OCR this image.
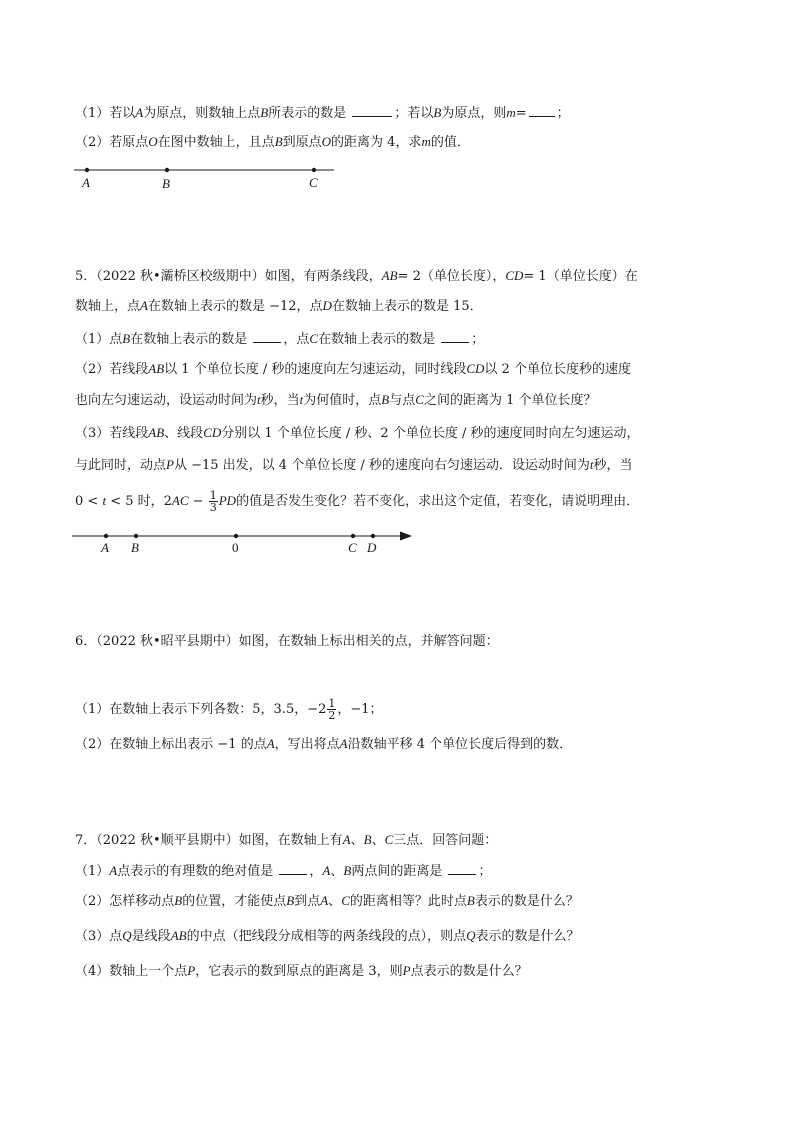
（1）若以A为原点，则数轴上点B所表示的数是	；若以B为原点，则m= ；
（2）若原点O在图中数轴上，且点B到原点O的距离为 4，求m的值．
A	B	C
5．（2022 秋•灞桥区校级期中）如图，有两条线段，AB= 2（单位长度），CD= 1（单位长度）在
数轴上，点A在数轴上表示的数是 −12，点D在数轴上表示的数是 15．
（1）点B在数轴上表示的数是	，点C在数轴上表示的数是	；
（2）若线段AB以 1 个单位长度 / 秒的速度向左匀速运动，同时线段CD以 2 个单位长度秒的速度
也向左匀速运动，设运动时间为t秒，当t为何值时，点B与点C之间的距离为 1 个单位长度？
（3）若线段AB、线段CD分别以 1 个单位长度 / 秒、2 个单位长度 / 秒的速度同时向左匀速运动，
与此同时，动点P从 −15 出发，以 4 个单位长度 / 秒的速度向右匀速运动．设运动时间为t秒，当
0 < t < 5 时，$2AC - \frac{1}{3}$ PD的值是否发生变化？若不变化，求出这个定值，若变化，请说明理由．
A B	0	C D
6．（2022 秋•昭平县期中）如图，在数轴上标出相关的点，并解答问题：
（1）在数轴上表示下列各数：5，3.5，$-2 \frac{1}{2}$ ，−1；
（2）在数轴上标出表示 −1 的点A，写出将点A沿数轴平移 4 个单位长度后得到的数．
7．（2022 秋•顺平县期中）如图，在数轴上有A、B、C三点．回答问题：
（1）A点表示的有理数的绝对值是	，A、B两点间的距离是	；
（2）怎样移动点B的位置，才能使点B到点A、C的距离相等？此时点B表示的数是什么？
（3）点Q是线段AB的中点（把线段分成相等的两条线段的点），则点Q表示的数是什么？
（4）数轴上一个点P，它表示的数到原点的距离是 3，则P点表示的数是什么？
